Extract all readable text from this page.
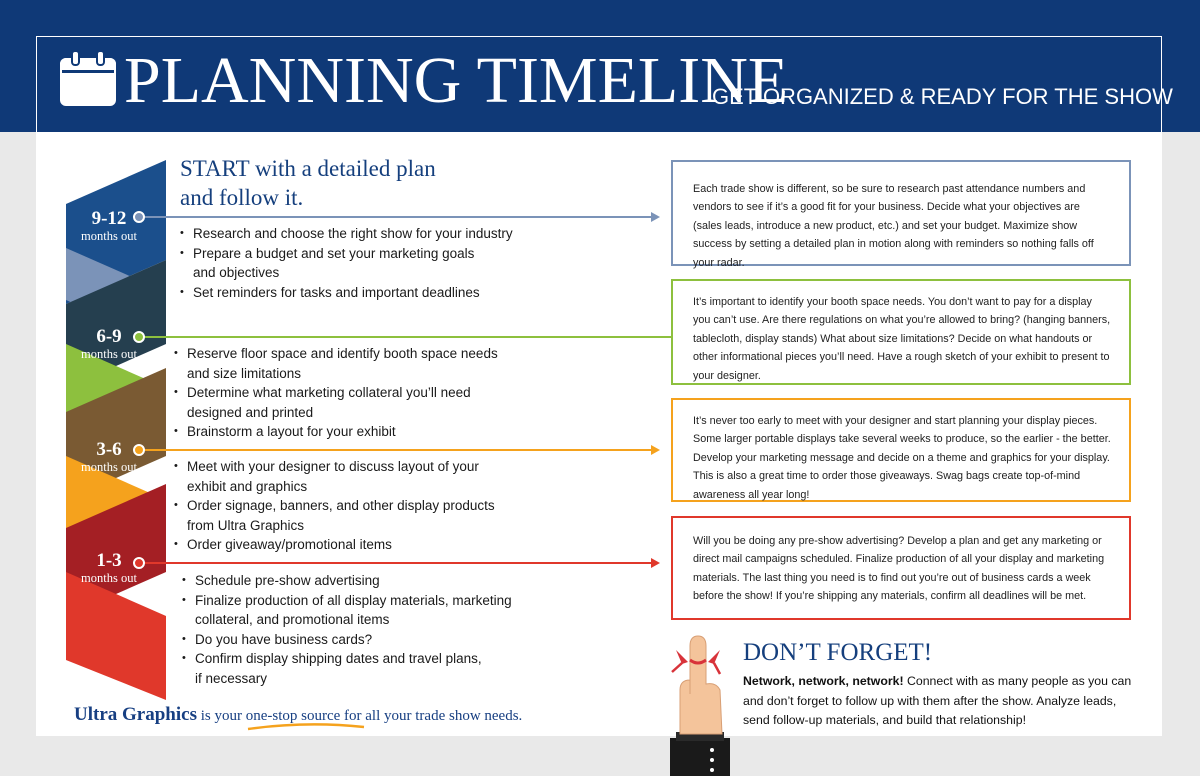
PLANNING TIMELINE
GET ORGANIZED & READY FOR THE SHOW
9-12
months out
6-9
months out
3-6
months out
1-3
months out
START with a detailed plan
and follow it.
• Research and choose the right show for your industry
• Prepare a budget and set your marketing goals
and objectives
• Set reminders for tasks and important deadlines
• Reserve floor space and identify booth space needs
and size limitations
• Determine what marketing collateral you’ll need
designed and printed
• Brainstorm a layout for your exhibit
• Meet with your designer to discuss layout of your
exhibit and graphics
• Order signage, banners, and other display products
from Ultra Graphics
• Order giveaway/promotional items
• Schedule pre-show advertising
• Finalize production of all display materials, marketing
collateral, and promotional items
• Do you have business cards?
• Confirm display shipping dates and travel plans,
if necessary
Each trade show is different, so be sure to research past attendance numbers and vendors to see if it’s a good fit for your business. Decide what your objectives are (sales leads, introduce a new product, etc.) and set your budget. Maximize show success by setting a detailed plan in motion along with reminders so nothing falls off your radar.
It’s important to identify your booth space needs. You don’t want to pay for a display you can’t use. Are there regulations on what you’re allowed to bring? (hanging banners, tablecloth, display stands) What about size limitations? Decide on what handouts or other informational pieces you’ll need. Have a rough sketch of your exhibit to present to your designer.
It’s never too early to meet with your designer and start planning your display pieces. Some larger portable displays take several weeks to produce, so the earlier - the better. Develop your marketing message and decide on a theme and graphics for your display. This is also a great time to order those giveaways. Swag bags create top-of-mind awareness all year long!
Will you be doing any pre-show advertising? Develop a plan and get any marketing or direct mail campaigns scheduled. Finalize production of all your display and marketing materials. The last thing you need is to find out you’re out of business cards a week before the show! If you’re shipping any materials, confirm all deadlines will be met.
DON’T FORGET!
Network, network, network! Connect with as many people as you can and don’t forget to follow up with them after the show. Analyze leads, send follow-up materials, and build that relationship!
Ultra Graphics is your one-stop source for all your trade show needs.
